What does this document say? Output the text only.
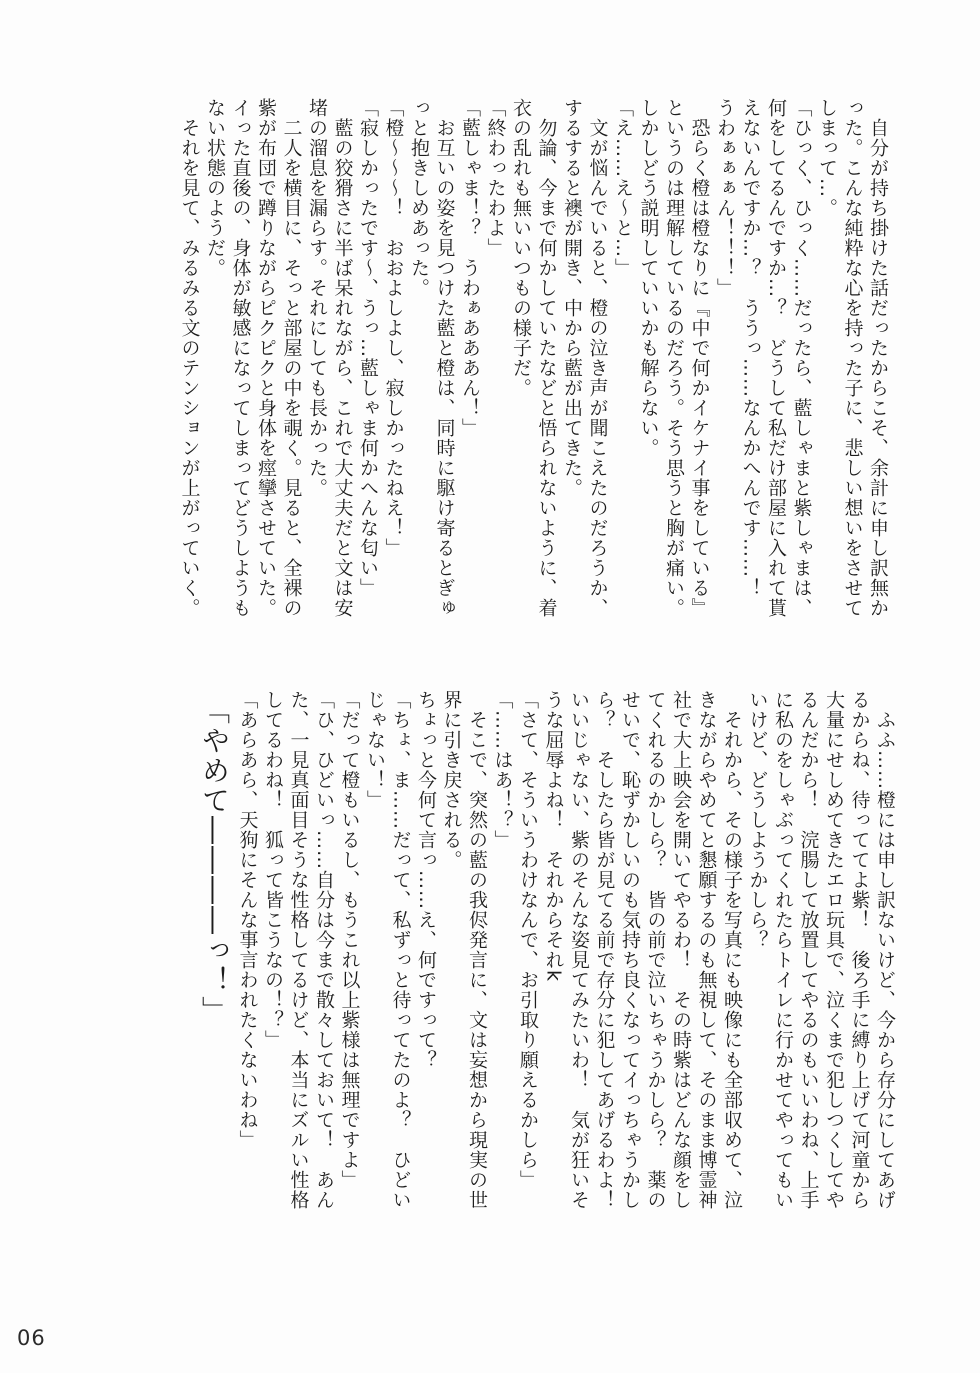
　自分が持ち掛けた話だったからこそ、余計に申し訳無か
った。こんな純粋な心を持った子に、悲しい想いをさせて
しまって…。
「ひっく、ひっく……だったら、藍しゃまと紫しゃまは、
何をしてるんですか…？　どうして私だけ部屋に入れて貰
えないんですか…？　ううっ……なんかへんです……！
うわぁぁぁん！！！」
　恐らく橙は橙なりに『中で何かイケナイ事をしている』
というのは理解しているのだろう。そう思うと胸が痛い。
しかしどう説明していいかも解らない。
「え……え～と…」
　文が悩んでいると、橙の泣き声が聞こえたのだろうか、
するすると襖が開き、中から藍が出てきた。
　勿論、今まで何かしていたなどと悟られないように、着
衣の乱れも無いいつもの様子だ。
「終わったわよ」
「藍しゃま！？　うわぁあああん！」
　お互いの姿を見つけた藍と橙は、同時に駆け寄るとぎゅ
っと抱きしめあった。
「橙～～～！　おおよしよし、寂しかったねえ！」
「寂しかったです～、うっ…藍しゃま何かへんな匂い」
　藍の狡猾さに半ば呆れながら、これで大丈夫だと文は安
堵の溜息を漏らす。それにしても長かった。
　二人を横目に、そっと部屋の中を覗く。見ると、全裸の
紫が布団で蹲りながらピクピクと身体を痙攣させていた。
イった直後の、身体が敏感になってしまってどうしようも
ない状態のようだ。
　それを見て、みるみる文のテンションが上がっていく。
　ふふ……橙には申し訳ないけど、今から存分にしてあげ
るからね、待っててよ紫！　後ろ手に縛り上げて河童から
大量にせしめてきたエロ玩具で、泣くまで犯しつくしてや
るんだから！　浣腸して放置してやるのもいいわね、上手
に私のをしゃぶってくれたらトイレに行かせてやってもい
いけど、どうしようかしら？
　それから、その様子を写真にも映像にも全部収めて、泣
きながらやめてと懇願するのも無視して、そのまま博霊神
社で大上映会を開いてやるわ！　その時紫はどんな顔をし
てくれるのかしら？　皆の前で泣いちゃうかしら？　薬の
せいで、恥ずかしいのも気持ち良くなってイっちゃうかし
ら？　そしたら皆が見てる前で存分に犯してあげるわよ！
いいじゃない、紫のそんな姿見てみたいわ！　気が狂いそ
うな屈辱よね！　それからそれk
「さて、そういうわけなんで、お引取り願えるかしら」
「……はあ！？」
　そこで、突然の藍の我侭発言に、文は妄想から現実の世
界に引き戻される。
ちょっと今何て言っ……え、何ですって？
「ちょ、ま……だって、私ずっと待ってたのよ？　ひどい
じゃない！」
「だって橙もいるし、もうこれ以上紫様は無理ですよ」
「ひ、ひどいっ……自分は今まで散々しておいて！　あん
た、一見真面目そうな性格してるけど、本当にズルい性格
してるわね！　狐って皆こうなの！？」
「あらあら、天狗にそんな事言われたくないわね」
「やめて――――っ！」
06
